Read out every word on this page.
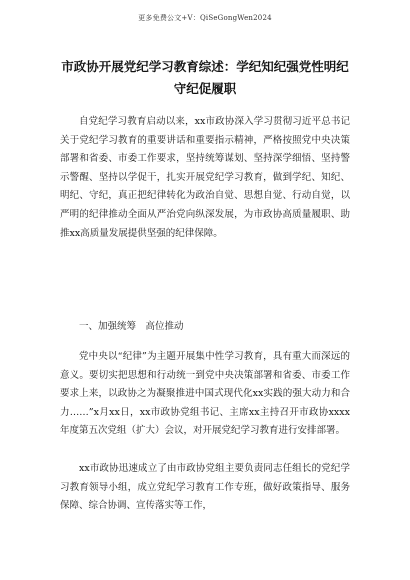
更多免费公文+V：QiSeGongWen2024
市政协开展党纪学习教育综述：学纪知纪强党性明纪守纪促履职

自党纪学习教育启动以来，xx市政协深入学习贯彻习近平总书记关于党纪学习教育的重要讲话和重要指示精神，严格按照党中央决策部署和省委、市委工作要求，坚持统筹谋划、坚持深学细悟、坚持警示警醒、坚持以学促干，扎实开展党纪学习教育，做到学纪、知纪、明纪、守纪，真正把纪律转化为政治自觉、思想自觉、行动自觉，以严明的纪律推动全面从严治党向纵深发展，为市政协高质量履职、助推xx高质量发展提供坚强的纪律保障。

一、加强统筹　高位推动

党中央以“纪律”为主题开展集中性学习教育，具有重大而深远的意义。要切实把思想和行动统一到党中央决策部署和省委、市委工作要求上来，以政协之为凝聚推进中国式现代化xx实践的强大动力和合力……”x月xx日，xx市政协党组书记、主席xx主持召开市政协xxxx年度第五次党组（扩大）会议，对开展党纪学习教育进行安排部署。

xx市政协迅速成立了由市政协党组主要负责同志任组长的党纪学习教育领导小组，成立党纪学习教育工作专班，做好政策指导、服务保障、综合协调、宣传落实等工作，
